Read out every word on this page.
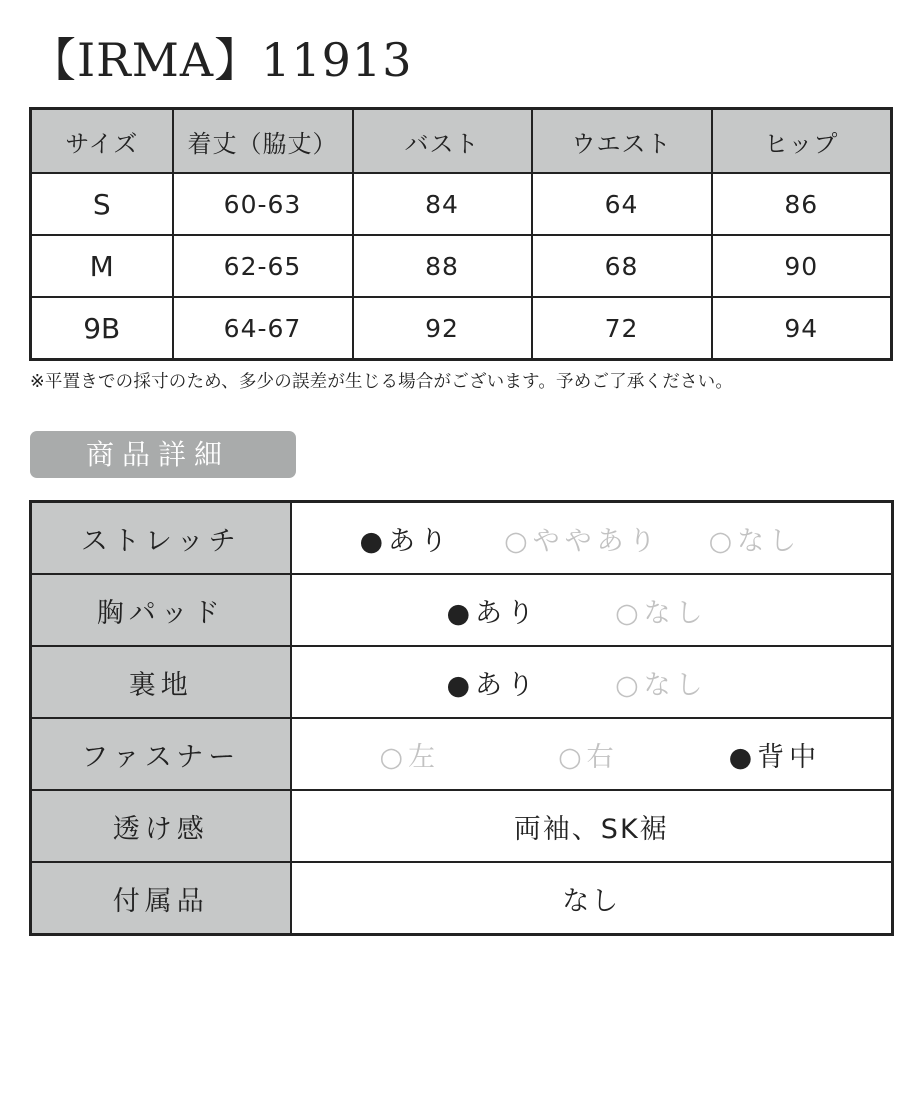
【IRMA】11913
サイズ	着丈（脇丈）	バスト	ウエスト	ヒップ
S	60-63	84	64	86
M	62-65	88	68	90
9B	64-67	92	72	94
※平置きでの採寸のため、多少の誤差が生じる場合がございます。予めご了承ください。
商品詳細
ストレッチ	●あり ○ややあり ○なし

胸パッド	●あり ○なし

裏地	●あり ○なし

ファスナー	○左 ○右 ●背中

透け感	両袖、SK裾
付属品	なし
